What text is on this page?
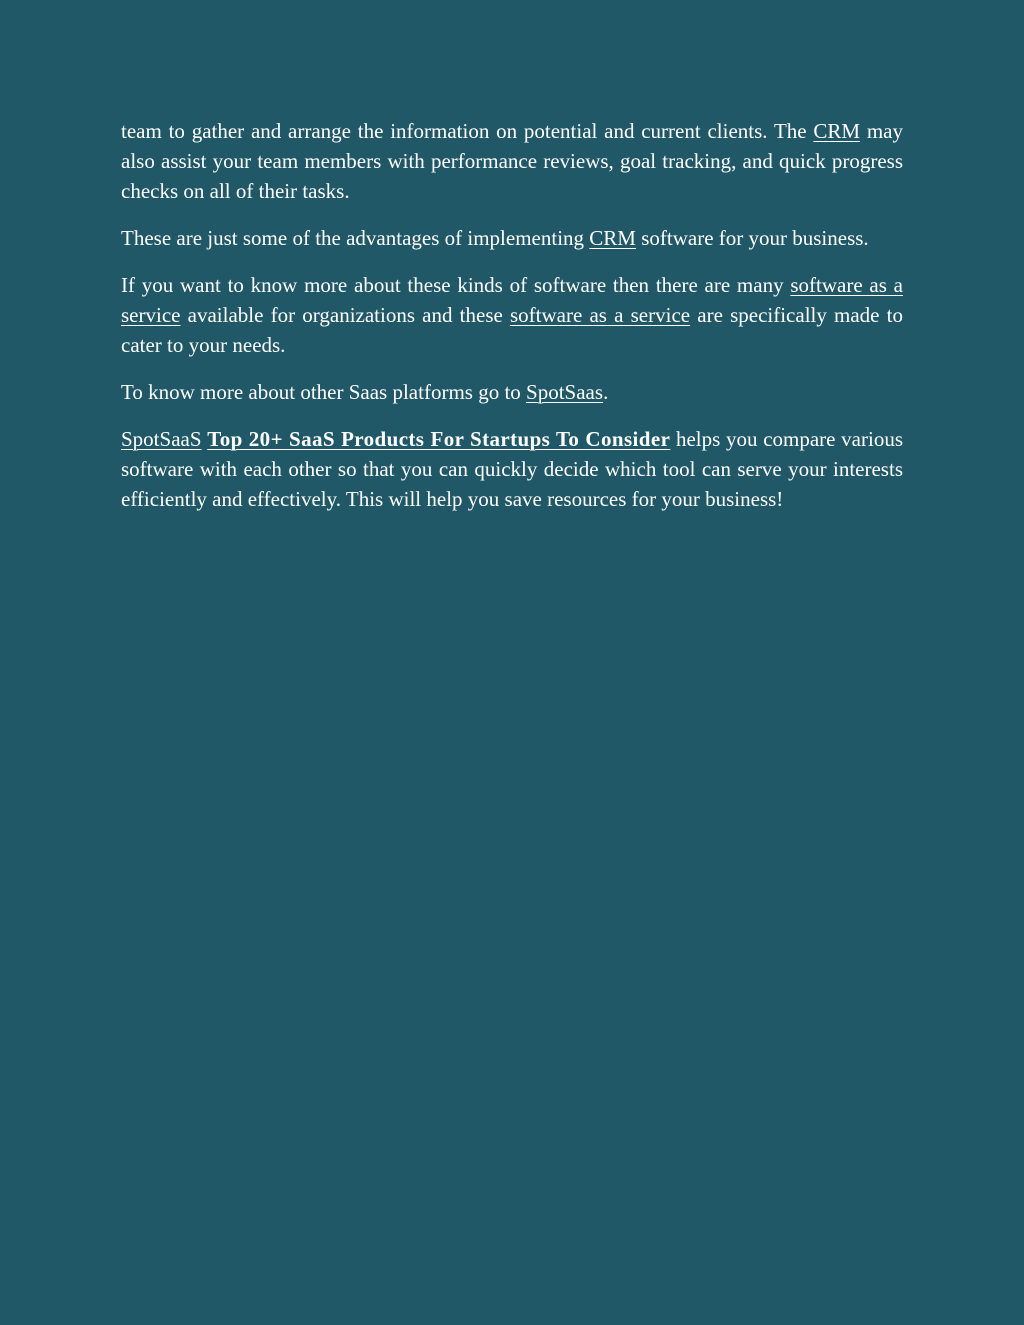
team to gather and arrange the information on potential and current clients. The CRM may also assist your team members with performance reviews, goal tracking, and quick progress checks on all of their tasks.

These are just some of the advantages of implementing CRM software for your business.

If you want to know more about these kinds of software then there are many software as a service available for organizations and these software as a service are specifically made to cater to your needs.

To know more about other Saas platforms go to SpotSaas.

SpotSaaS Top 20+ SaaS Products For Startups To Consider helps you compare various software with each other so that you can quickly decide which tool can serve your interests efficiently and effectively. This will help you save resources for your business!
